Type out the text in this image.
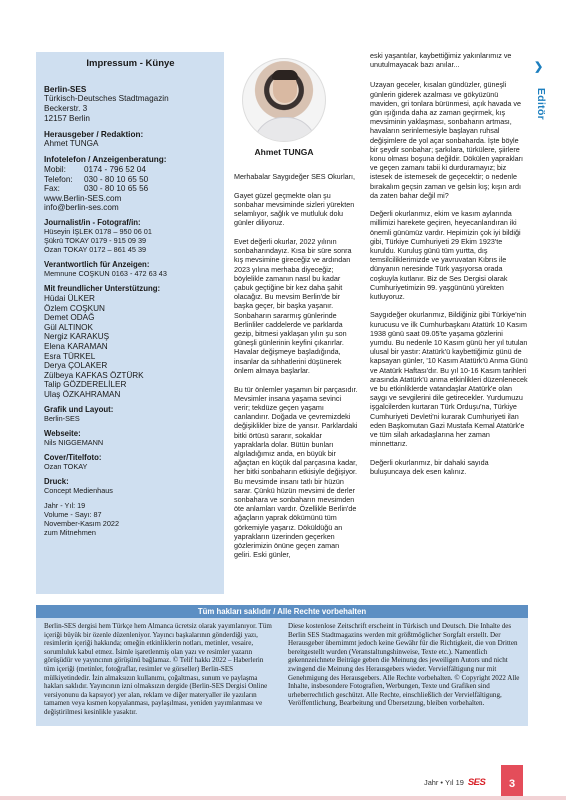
Impressum - Künye
Berlin-SES
Türkisch-Deutsches Stadtmagazin
Beckerstr. 3
12157 Berlin
Herausgeber / Redaktion:
Ahmet TUNGA
Infotelefon / Anzeigenberatung:
Mobil:	0174 - 796 52 04
Telefon:	030 - 80 10 65 50
Fax:	030 - 80 10 65 56
www.Berlin-SES.com
info@berlin-ses.com
Journalist/in - Fotograf/in:
Hüseyin İŞLEK 0178 – 950 06 01
Şükrü TOKAY 0179 - 915 09 39
Ozan TOKAY 0172 – 861 45 39
Verantwortlich für Anzeigen:
Memnune COŞKUN 0163 - 472 63 43
Mit freundlicher Unterstützung:
Hüdai ÜLKER
Özlem COŞKUN
Demet ODAĞ
Gül ALTINOK
Nergiz KARAKUŞ
Elena KARAMAN
Esra TÜRKEL
Derya ÇOLAKER
Zülbeya KAFKAS ÖZTÜRK
Talip GÖZDERELİLER
Ulaş ÖZKAHRAMAN
Grafik und Layout:
Berlin-SES
Webseite:
Nils NIGGEMANN
Cover/Titelfoto:
Ozan TOKAY
Druck:
Concept Medienhaus
Jahr - Yıl: 19
Volume - Sayı: 87
November-Kasım 2022
zum Mitnehmen
Ahmet TUNGA

Merhabalar Saygıdeğer SES Okurları,

Gayet güzel geçmekte olan şu sonbahar mevsiminde sizleri yürekten selamlıyor, sağlık ve mutluluk dolu günler diliyoruz.

Evet değerli okurlar, 2022 yılının sonbaharındayız. Kısa bir süre sonra kış mevsimine gireceğiz ve ardından 2023 yılına merhaba diyeceğiz; böylelikle zamanın nasıl bu kadar çabuk geçtiğine bir kez daha şahit olacağız. Bu mevsim Berlin'de bir başka geçer, bir başka yaşanır. Sonbaharın sararmış günlerinde Berlinliler caddelerde ve parklarda gezip, bitmesi yaklaşan yılın şu son güneşli günlerinin keyfini çıkarırlar. Havalar değişmeye başladığında, insanlar da sıhhatlerini düşünerek önlem almaya başlarlar.

Bu tür önlemler yaşamın bir parçasıdır. Mevsimler insana yaşama sevinci verir; tekdüze geçen yaşamı canlandırır. Doğada ve çevremizdeki değişiklikler bize de yansır. Parklardaki bitki örtüsü sararır, sokaklar yapraklarla dolar. Bütün bunları algıladığımız anda, en büyük bir ağaçtan en küçük dal parçasına kadar, her bitki sonbaharın etkisiyle değişiyor. Bu mevsimde insanı tatlı bir hüzün sarar. Çünkü hüzün mevsimi de derler sonbahara ve sonbaharın mevsimden öte anlamları vardır. Özellikle Berlin'de ağaçların yaprak dökümünü tüm görkemiyle yaşarız. Döküldüğü an yaprakların üzerinden geçerken gözlerimizin önüne geçen zaman geliri. Eski günler,

eski yaşantılar, kaybettiğimiz yakınlarımız ve unutulmayacak bazı anılar...

Uzayan geceler, kısalan gündüzler, güneşli günlerin giderek azalması ve gökyüzünü maviden, gri tonlara bürünmesi, açık havada ve gün ışığında daha az zaman geçirmek, kış mevsiminin yaklaşması, sonbaharın artması, havaların serinlemesiyle başlayan ruhsal değişimlere de yol açar sonbaharda. İşte böyle bir şeydir sonbahar; şarkılara, türkülere, şiirlere konu olması boşuna değildir. Dökülen yaprakları ve geçen zamanı tabii ki durduramayız; biz istesek de istemesek de geçecektir; o nedenle bırakalım geçsin zaman ve gelsin kış; kışın ardı da zaten bahar değil mi?

Değerli okurlarımız, ekim ve kasım aylarında millimizi harekete geçiren, heyecanlandıran iki önemli günümüz vardır. Hepimizin çok iyi bildiği gibi, Türkiye Cumhuriyeti 29 Ekim 1923'te kuruldu. Kuruluş günü tüm yurtta, dış temsilciliklerimizde ve yavruvatan Kıbrıs ile dünyanın neresinde Türk yaşıyorsa orada coşkuyla kutlanır. Biz de Ses Dergisi olarak Cumhuriyetimizin 99. yaşgününü yürekten kutluyoruz.

Saygıdeğer okurlarımız, Bildiğiniz gibi Türkiye'nin kurucusu ve ilk Cumhurbaşkanı Atatürk 10 Kasım 1938 günü saat 09.05'te yaşama gözlerini yumdu. Bu nedenle 10 Kasım günü her yıl tutulan ulusal bir yastır: Atatürk'ü kaybettiğimiz günü de kapsayan günler, '10 Kasım Atatürk'ü Anma Günü ve Atatürk Haftası'dır. Bu yıl 10-16 Kasım tarihleri arasında Atatürk'ü anma etkinlikleri düzenlenecek ve bu etkinliklerde vatandaşlar Atatürk'e olan saygı ve sevgilerini dile getirecekler. Yurdumuzu işgalcilerden kurtaran Türk Orduşu'na, Türkiye Cumhuriyeti Devleti'ni kurarak Cumhuriyeti ilan eden Başkomutan Gazi Mustafa Kemal Atatürk'e ve tüm silah arkadaşlarına her zaman minnettarız.

Değerli okurlarımız, bir dahaki sayıda buluşuncaya dek esen kalınız.

❯
Editör
Tüm hakları saklıdır / Alle Rechte vorbehalten
Berlin-SES dergisi hem Türkçe hem Almanca ücretsiz olarak yayımlanıyor. Tüm içeriği büyük bir özenle düzenleniyor. Yayıncı başkalarının gönderdiği yazı, resimlerin içeriği hakkında; omeğin etkinliklerin notları, metinler, vesaire, sorumluluk kabul etmez. İsimle işaretlenmiş olan yazı ve resimler yazarın görüşüdür ve yayıncının görüşünü bağlamaz. © Telif hakkı 2022 – Haberlerin tüm içeriği (metinler, fotoğraflar, resimler ve görseller) Berlin-SES mülkiyetindedir. İzin almaksızın kullanımı, çoğaltması, sunum ve paylaşma hakları saklıdır. Yayıncının izni olmaksızın dergide (Berlin-SES Dergisi Online versiyonunu da kapsıyor) yer alan, reklam ve diğer materyaller ile yazıların tamamen veya kısmen kopyalanması, paylaşılması, yeniden yayımlanması ve değiştirilmesi kesinlikle yasaktır.
Diese kostenlose Zeitschrift erscheint in Türkisch und Deutsch. Die Inhalte des Berlin SES Stadtmagazins werden mit größtmöglicher Sorgfalt erstellt. Der Herausgeber übernimmt jedoch keine Gewähr für die Richtigkeit, die von Dritten bereitgestellt wurden (Veranstaltungshinweise, Texte etc.). Namentlich gekennzeichnete Beiträge geben die Meinung des jeweiligen Autors und nicht zwingend die Meinung des Herausgebers wieder. Vervielfältigung nur mit Genehmigung des Herausgebers. Alle Rechte vorbehalten. © Copyright 2022 Alle Inhalte, insbesondere Fotografien, Werbungen, Texte und Grafiken sind urheberrechtlich geschützt. Alle Rechte, einschließlich der Vervielfältigung, Veröffentlichung, Bearbeitung und Übersetzung, bleiben vorbehalten.
Jahr • Yıl 19 SES	3
